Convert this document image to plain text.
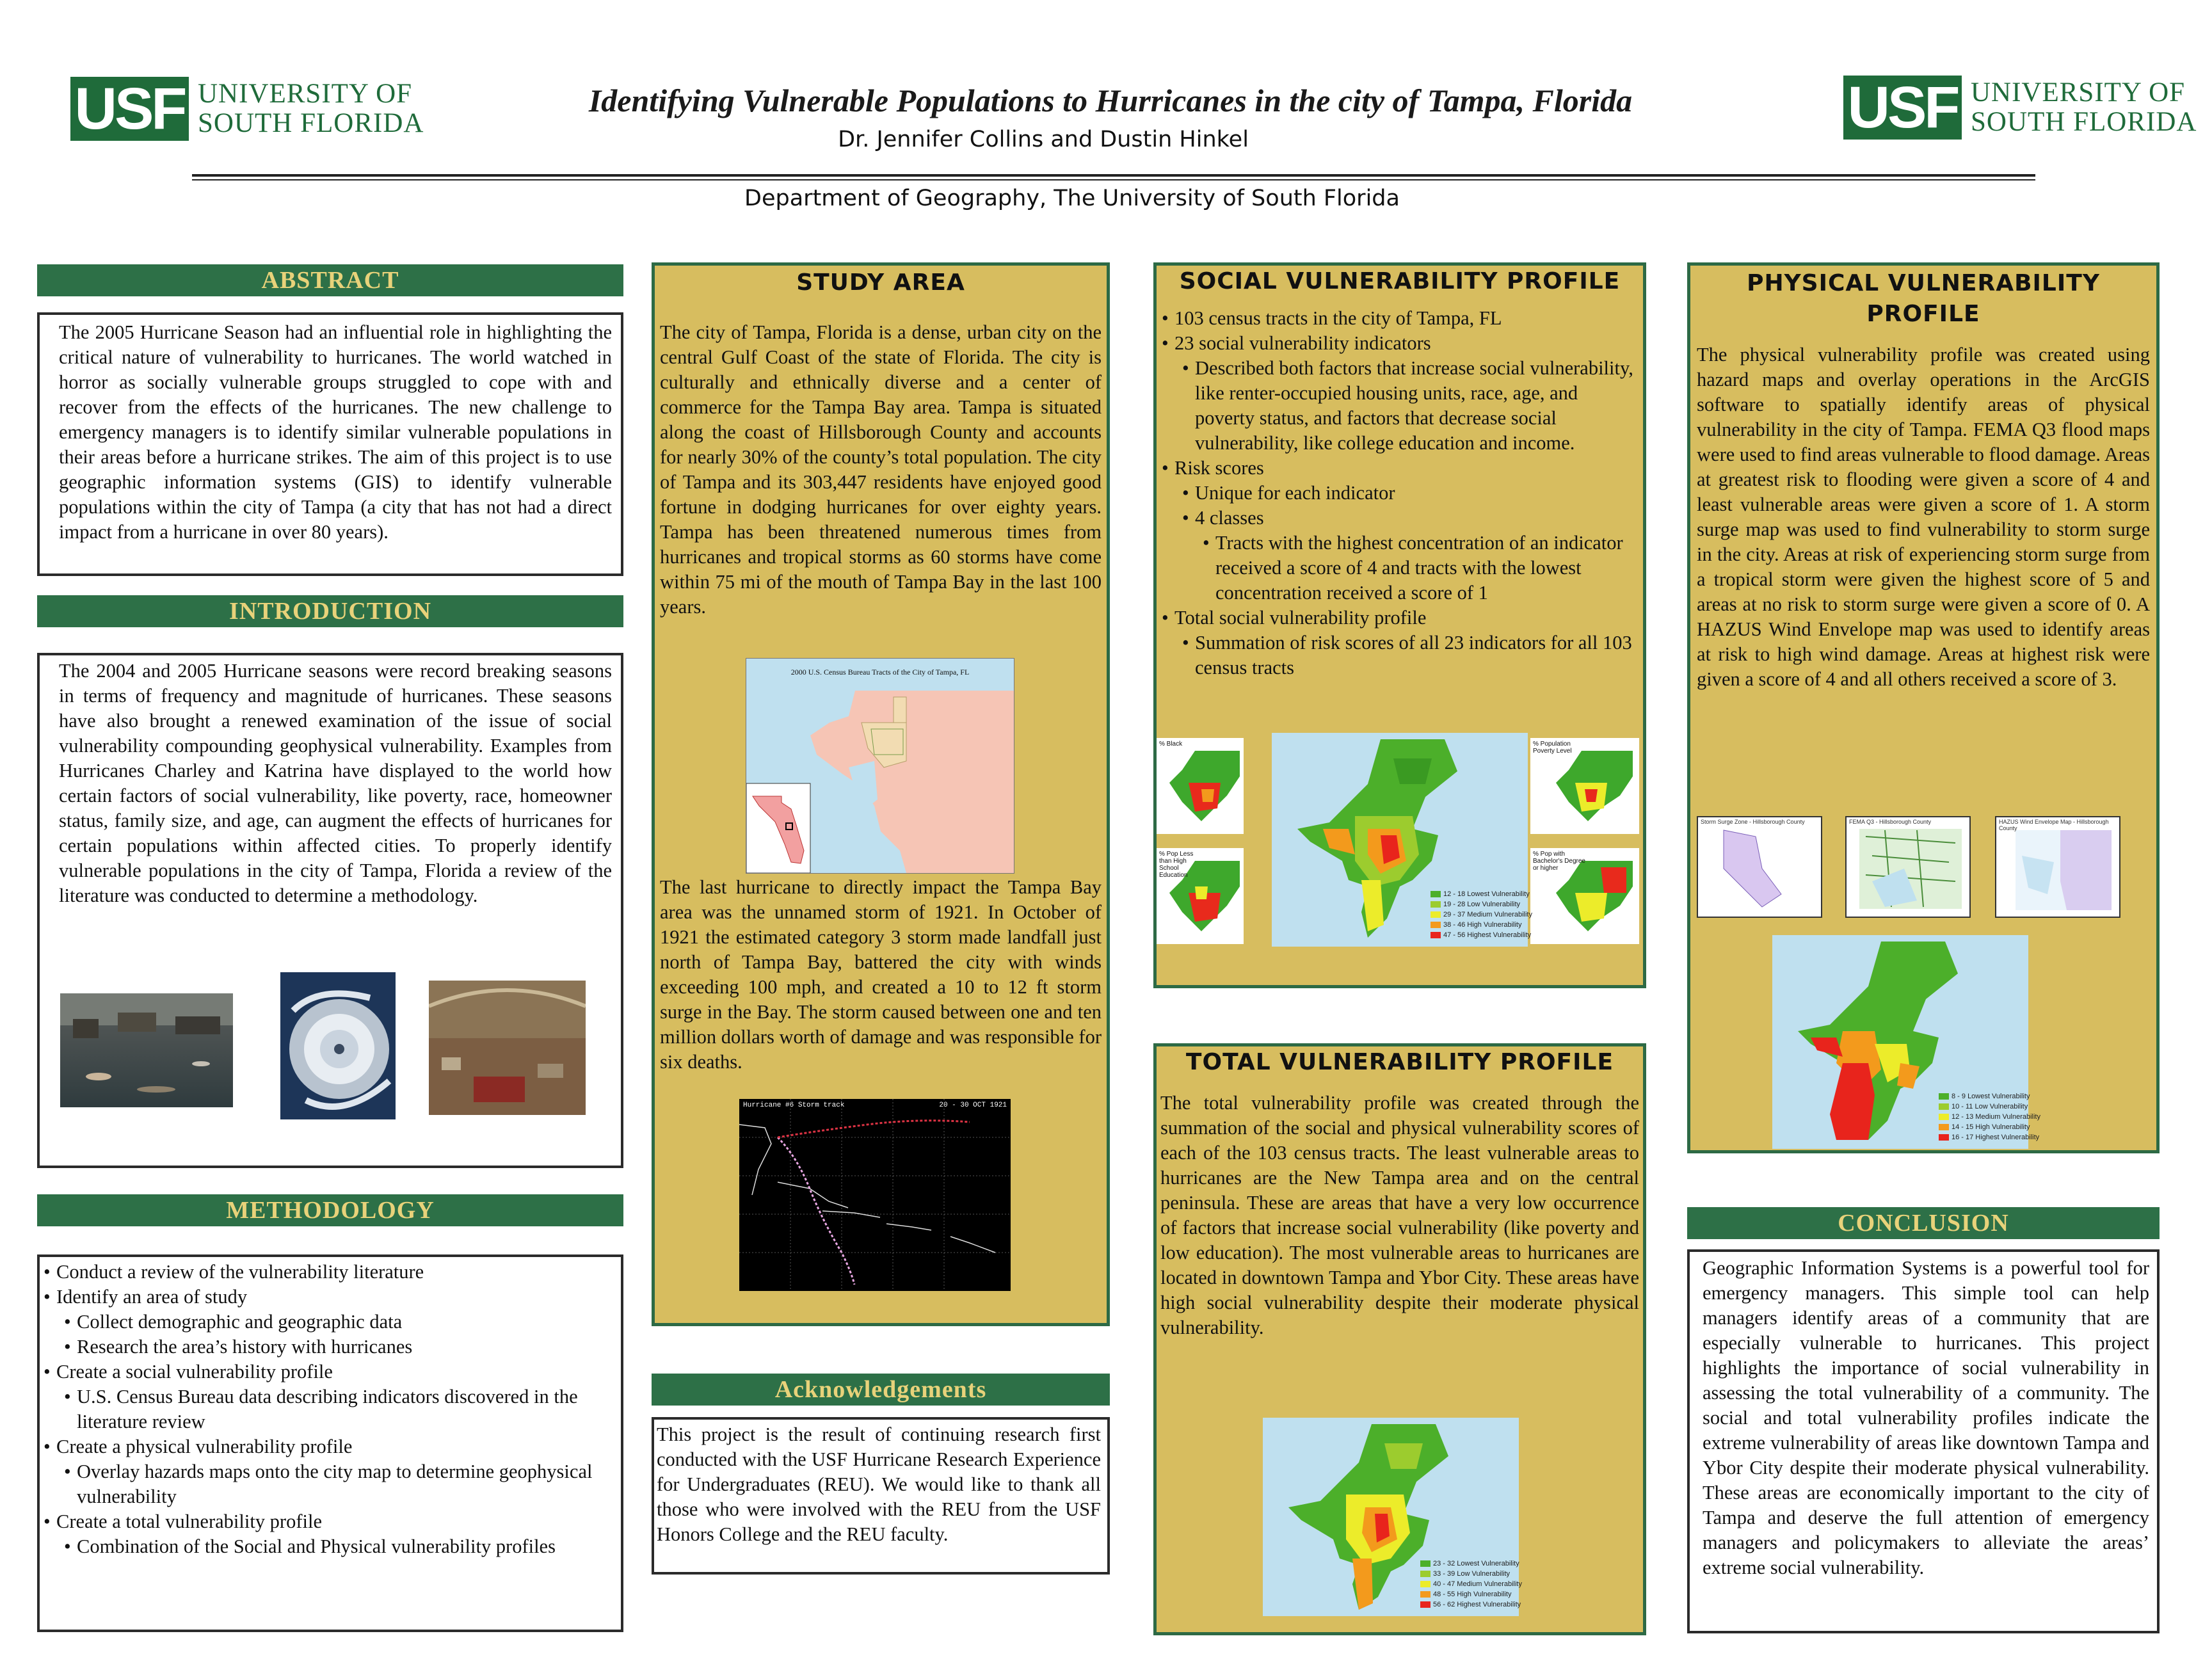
USF UNIVERSITY OF
SOUTH FLORIDA	USF UNIVERSITY OF
SOUTH FLORIDA
Identifying Vulnerable Populations to Hurricanes in the city of Tampa, Florida
Dr. Jennifer Collins and Dustin Hinkel
Department of Geography, The University of South Florida
ABSTRACT
The 2005 Hurricane Season had an influential role in highlighting the critical nature of vulnerability to hurricanes. The world watched in horror as socially vulnerable groups struggled to cope with and recover from the effects of the hurricanes. The new challenge to emergency managers is to identify similar vulnerable populations in their areas before a hurricane strikes. The aim of this project is to use geographic information systems (GIS) to identify vulnerable populations within the city of Tampa (a city that has not had a direct impact from a hurricane in over 80 years).
INTRODUCTION
The 2004 and 2005 Hurricane seasons were record breaking seasons in terms of frequency and magnitude of hurricanes. These seasons have also brought a renewed examination of the issue of social vulnerability compounding geophysical vulnerability. Examples from Hurricanes Charley and Katrina have displayed to the world how certain factors of social vulnerability, like poverty, race, homeowner status, family size, and age, can augment the effects of hurricanes for certain populations within affected cities. To properly identify vulnerable populations in the city of Tampa, Florida a review of the literature was conducted to determine a methodology.
METHODOLOGY
• Conduct a review of the vulnerability literature
• Identify an area of study
• Collect demographic and geographic data
• Research the area’s history with hurricanes
• Create a social vulnerability profile
• U.S. Census Bureau data describing indicators discovered in the literature review
• Create a physical vulnerability profile
• Overlay hazards maps onto the city map to determine geophysical vulnerability
• Create a total vulnerability profile
• Combination of the Social and Physical vulnerability profiles
STUDY AREA
The city of Tampa, Florida is a dense, urban city on the central Gulf Coast of the state of Florida. The city is culturally and ethnically diverse and a center of commerce for the Tampa Bay area. Tampa is situated along the coast of Hillsborough County and accounts for nearly 30% of the county’s total population. The city of Tampa and its 303,447 residents have enjoyed good fortune in dodging hurricanes for over eighty years. Tampa has been threatened numerous times from hurricanes and tropical storms as 60 storms have come within 75 mi of the mouth of Tampa Bay in the last 100 years.
2000 U.S. Census Bureau Tracts of the City of Tampa, FL
The last hurricane to directly impact the Tampa Bay area was the unnamed storm of 1921. In October of 1921 the estimated category 3 storm made landfall just north of Tampa Bay, battered the city with winds exceeding 100 mph, and created a 10 to 12 ft storm surge in the Bay. The storm caused between one and ten million dollars worth of damage and was responsible for six deaths.
Hurricane #6 Storm track	20 - 30 OCT 1921
Acknowledgements
This project is the result of continuing research first conducted with the USF Hurricane Research Experience for Undergraduates (REU). We would like to thank all those who were involved with the REU from the USF Honors College and the REU faculty.
SOCIAL VULNERABILITY PROFILE
• 103 census tracts in the city of Tampa, FL
• 23 social vulnerability indicators
• Described both factors that increase social vulnerability, like renter-occupied housing units, race, age, and poverty status, and factors that decrease social vulnerability, like college education and income.
• Risk scores
• Unique for each indicator
• 4 classes
• Tracts with the highest concentration of an indicator received a score of 4 and tracts with the lowest concentration received a score of 1
• Total social vulnerability profile
• Summation of risk scores of all 23 indicators for all 103 census tracts
% Black
% Pop Less than High School Education
% Population Poverty Level
% Pop with Bachelor's Degree or higher
12 - 18 Lowest Vulnerability
19 - 28 Low Vulnerability
29 - 37 Medium Vulnerability
38 - 46 High Vulnerability
47 - 56 Highest Vulnerability
TOTAL VULNERABILITY PROFILE
The total vulnerability profile was created through the summation of the social and physical vulnerability scores of each of the 103 census tracts. The least vulnerable areas to hurricanes are the New Tampa area and on the central peninsula. These are areas that have a very low occurrence of factors that increase social vulnerability (like poverty and low education). The most vulnerable areas to hurricanes are located in downtown Tampa and Ybor City. These areas have high social vulnerability despite their moderate physical vulnerability.
23 - 32 Lowest Vulnerability
33 - 39 Low Vulnerability
40 - 47 Medium Vulnerability
48 - 55 High Vulnerability
56 - 62 Highest Vulnerability
PHYSICAL VULNERABILITY
PROFILE
The physical vulnerability profile was created using hazard maps and overlay operations in the ArcGIS software to spatially identify areas of physical vulnerability in the city of Tampa. FEMA Q3 flood maps were used to find areas vulnerable to flood damage. Areas at greatest risk to flooding were given a score of 4 and least vulnerable areas were given a score of 1. A storm surge map was used to find vulnerability to storm surge in the city. Areas at risk of experiencing storm surge from a tropical storm were given the highest score of 5 and areas at no risk to storm surge were given a score of 0. A HAZUS Wind Envelope map was used to identify areas at risk to high wind damage. Areas at highest risk were given a score of 4 and all others received a score of 3.
Storm Surge Zone - Hillsborough County	FEMA Q3 - Hillsborough County	HAZUS Wind Envelope Map - Hillsborough County
8 - 9 Lowest Vulnerability
10 - 11 Low Vulnerability
12 - 13 Medium Vulnerability
14 - 15 High Vulnerability
16 - 17 Highest Vulnerability
CONCLUSION
Geographic Information Systems is a powerful tool for emergency managers. This simple tool can help managers identify areas of a community that are especially vulnerable to hurricanes. This project highlights the importance of social vulnerability in assessing the total vulnerability of a community. The social and total vulnerability profiles indicate the extreme vulnerability of areas like downtown Tampa and Ybor City despite their moderate physical vulnerability. These areas are economically important to the city of Tampa and deserve the full attention of emergency managers and policymakers to alleviate the areas’ extreme social vulnerability.
